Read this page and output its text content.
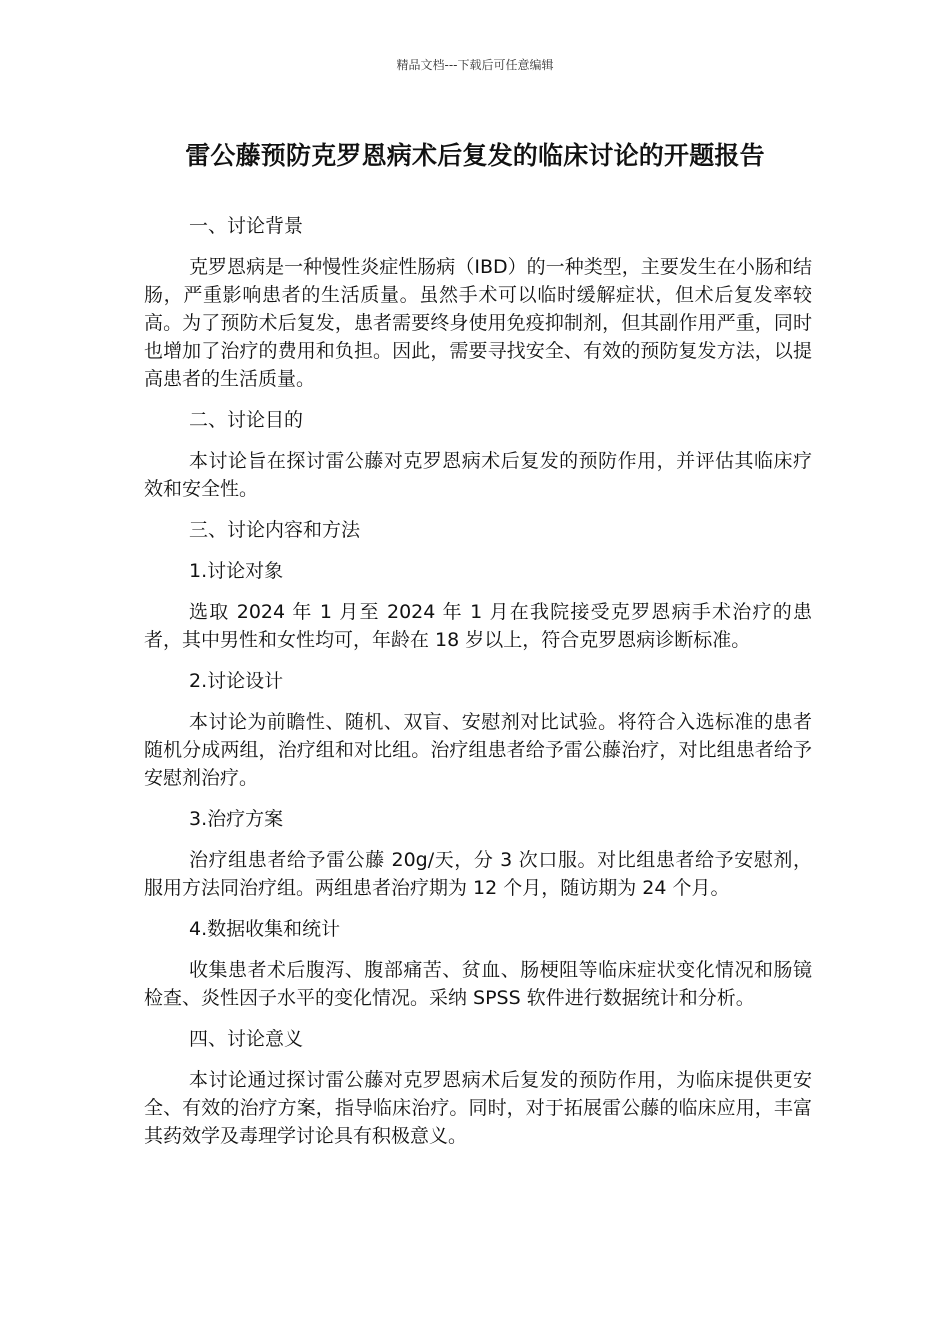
精品文档---下载后可任意编辑
雷公藤预防克罗恩病术后复发的临床讨论的开题报告
一、讨论背景
克罗恩病是一种慢性炎症性肠病（IBD）的一种类型，主要发生在小肠和结肠，严重影响患者的生活质量。虽然手术可以临时缓解症状，但术后复发率较高。为了预防术后复发，患者需要终身使用免疫抑制剂，但其副作用严重，同时也增加了治疗的费用和负担。因此，需要寻找安全、有效的预防复发方法，以提高患者的生活质量。
二、讨论目的
本讨论旨在探讨雷公藤对克罗恩病术后复发的预防作用，并评估其临床疗效和安全性。
三、讨论内容和方法
1.讨论对象
选取 2024 年 1 月至 2024 年 1 月在我院接受克罗恩病手术治疗的患者，其中男性和女性均可，年龄在 18 岁以上，符合克罗恩病诊断标准。
2.讨论设计
本讨论为前瞻性、随机、双盲、安慰剂对比试验。将符合入选标准的患者随机分成两组，治疗组和对比组。治疗组患者给予雷公藤治疗，对比组患者给予安慰剂治疗。
3.治疗方案
治疗组患者给予雷公藤 20g/天，分 3 次口服。对比组患者给予安慰剂，服用方法同治疗组。两组患者治疗期为 12 个月，随访期为 24 个月。
4.数据收集和统计
收集患者术后腹泻、腹部痛苦、贫血、肠梗阻等临床症状变化情况和肠镜检查、炎性因子水平的变化情况。采纳 SPSS 软件进行数据统计和分析。
四、讨论意义
本讨论通过探讨雷公藤对克罗恩病术后复发的预防作用，为临床提供更安全、有效的治疗方案，指导临床治疗。同时，对于拓展雷公藤的临床应用，丰富其药效学及毒理学讨论具有积极意义。
